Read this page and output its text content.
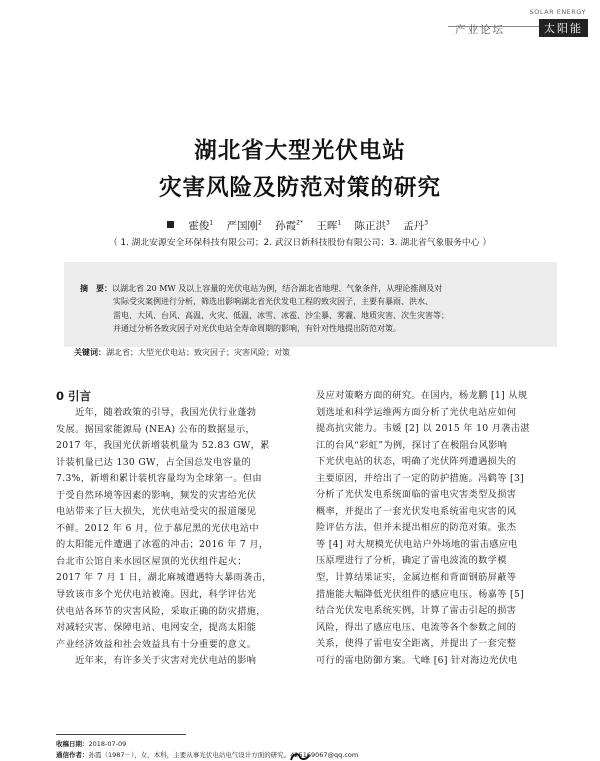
SOLAR ENERGY
产业论坛	太阳能
湖北省大型光伏电站
灾害风险及防范对策的研究
霍俊$^1$ 严国刚$^2$ 孙霞$^{2*}$ 王晖$^1$ 陈正洪$^3$ 孟丹$^3$
（ 1. 湖北安源安全环保科技有限公司；2. 武汉日新科技股份有限公司；3. 湖北省气象服务中心 ）
摘　要：以湖北省 20 MW 及以上容量的光伏电站为例，结合湖北省地理、气象条件，从理论推测及对
实际受灾案例进行分析，筛选出影响湖北省光伏发电工程的致灾因子，主要有暴雨、洪水、
雷电、大风、台风、高温、火灾、低温、冰雪、冰雹、沙尘暴、雾霾、地质灾害、次生灾害等；
并通过分析各致灾因子对光伏电站全寿命周期的影响，有针对性地提出防范对策。
关键词：湖北省；大型光伏电站；致灾因子；灾害风险；对策
0 引言
　　近年，随着政策的引导，我国光伏行业蓬勃
发展。据国家能源局 (NEA) 公布的数据显示，
2017 年，我国光伏新增装机量为 52.83 GW，累
计装机量已达 130 GW，占全国总发电容量的
7.3%，新增和累计装机容量均为全球第一。但由
于受自然环境等因素的影响，频发的灾害给光伏
电站带来了巨大损失，光伏电站受灾的报道屡见
不鲜。2012 年 6 月，位于慕尼黑的光伏电站中
的太阳能元件遭遇了冰雹的冲击；2016 年 7 月，
台北市公馆自来水园区屋顶的光伏组件起火；
2017 年 7 月 1 日，湖北麻城遭遇特大暴雨袭击，
导致该市多个光伏电站被淹。因此，科学评估光
伏电站各环节的灾害风险，采取正确的防灾措施，
对减轻灾害、保障电站、电网安全，提高太阳能
产业经济效益和社会效益具有十分重要的意义。
　　近年来，有许多关于灾害对光伏电站的影响
及应对策略方面的研究。在国内，杨龙鹏 [1] 从规
划选址和科学运维两方面分析了光伏电站应如何
提高抗灾能力。韦媛 [2] 以 2015 年 10 月袭击湛
江的台风“彩虹”为例，探讨了在极阻台风影响
下光伏电站的状态，明确了光伏阵列遭遇损失的
主要原因，并给出了一定的防护措施。冯鹤等 [3]
分析了光伏发电系统面临的雷电灾害类型及损害
概率，并提出了一套光伏发电系统雷电灾害的风
险评估方法，但并未提出相应的防范对策。张杰
等 [4] 对大规模光伏电站户外场地的雷击感应电
压原理进行了分析，确定了雷电波流的数学模
型，计算结果证实，金属边框和背面钢筋屏蔽等
措施能大幅降低光伏组件的感应电压。杨嘉等 [5]
结合光伏发电系统实例，计算了雷击引起的损害
风险，得出了感应电压、电流等各个参数之间的
关系，使得了雷电安全距离，并提出了一套完整
可行的雷电防御方案。弋峰 [6] 针对海边光伏电
收稿日期：2018-07-09
通信作者：孙霞（1987－），女，本科，主要从事光伏电站电气设计方面的研究。425169067@qq.com
